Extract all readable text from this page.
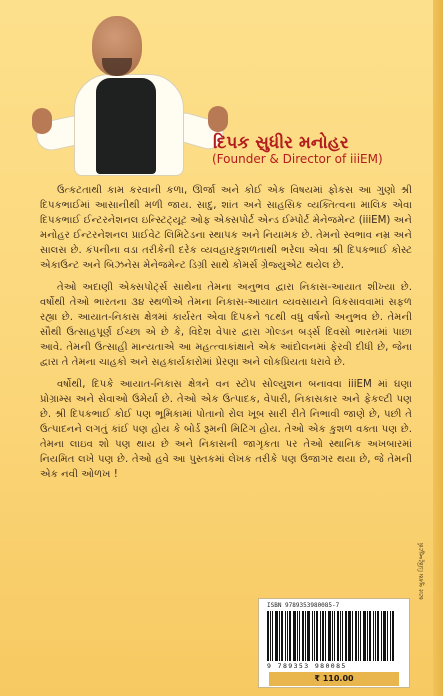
દિપક સુધીર મનોહર
(Founder & Director of iiiEM)

ઉત્કટતાથી કામ કરવાની કળા, ઊર્જા અને કોઈ એક વિષયમાં ફોકસ આ ગુણો શ્રી દિપકભાઈમાં આસાનીથી મળી જાય. સાદુ, શાંત અને સાહસિક વ્યક્તિત્વના માલિક એવા દિપકભાઈ ઈન્ટરનેશનલ ઇન્સ્ટિટ્યૂટ ઓફ એક્સપોર્ટ એન્ડ ઈમ્પોર્ટ મેનેજમેન્ટ (iiiEM) અને મનોહર ઈન્ટરનેશનલ પ્રાઈવેટ લિમિટેડના સ્થાપક અને નિયામક છે. તેમનો સ્વભાવ નમ્ર અને સાલસ છે. કંપનીના વડા તરીકેની દરેક વ્યવહારકુશળતાથી ભરેલા એવા શ્રી દિપકભાઈ કોસ્ટ એકાઉન્ટ અને બિઝનેસ મેનેજમેન્ટ ડિગ્રી સાથે કોમર્સ ગ્રેજ્યુએટ થયેલ છે.

તેઓ અદાણી એક્સપોર્ટ્સ સાથેના તેમના અનુભવ દ્વારા નિકાસ-આયાત શીખ્યા છે. વર્ષોથી તેઓ ભારતના ૩૪ સ્થળોએ તેમના નિકાસ-આયાત વ્યવસાયને વિકસાવવામાં સફળ રહ્યા છે. આયાત-નિકાસ ક્ષેત્રમાં કાર્યરત એવા દિપકને ૧૮થી વધુ વર્ષનો અનુભવ છે. તેમની સૌથી ઉત્સાહપૂર્ણ ઈચ્છા એ છે કે, વિદેશ વેપાર દ્વારા ગોલ્ડન બર્ડ્સ દિવસો ભારતમાં પાછા આવે. તેમની ઉત્સાહી માન્યતાએ આ મહત્ત્વાકાંક્ષાને એક આંદોલનમાં ફેરવી દીધી છે, જેના દ્વારા તે તેમના ચાહકો અને સહકાર્યકારોમાં પ્રેરણા અને લોકપ્રિયતા ધરાવે છે.

વર્ષોથી, દિપકે આયાત-નિકાસ ક્ષેત્રને વન સ્ટોપ સોલ્યુશન બનાવવા iiiEM માં ઘણા પ્રોગ્રામ્સ અને સેવાઓ ઉમેર્યા છે. તેઓ એક ઉત્પાદક, વેપારી, નિકાસકાર અને ફેકલ્ટી પણ છે. શ્રી દિપકભાઈ કોઈ પણ ભૂમિકામાં પોતાનો રોલ ખૂબ સારી રીતે નિભાવી જાણે છે, પછી તે ઉત્પાદનને લગતું કાંઈ પણ હોય કે બોર્ડ રૂમની મિટિંગ હોય. તેઓ એક કુશળ વક્તા પણ છે. તેમના લાઇવ શો પણ થાય છે અને નિકાસની જાગૃકતા પર તેઓ સ્થાનિક અખબારમાં નિયમિત લખે પણ છે. તેઓ હવે આ પુસ્તકમાં લેખક તરીકે પણ ઉજાગર થયા છે, જે તેમની એક નવી ઓળખ !

ISBN 9789353980085-7
9 789353 980085
₹ 110.00
સ્ટાર બુક્સ ડિસ્ટ્રિબ્યુટર્સ
